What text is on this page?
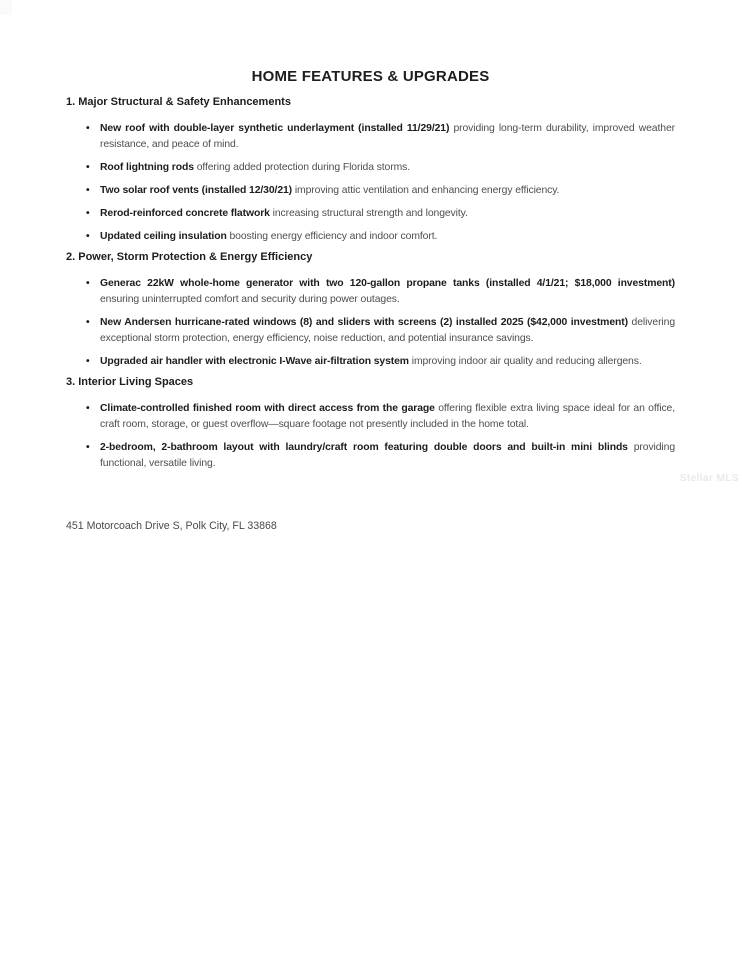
HOME FEATURES & UPGRADES
1. Major Structural & Safety Enhancements
• New roof with double-layer synthetic underlayment (installed 11/29/21) providing long-term durability, improved weather resistance, and peace of mind.
• Roof lightning rods offering added protection during Florida storms.
• Two solar roof vents (installed 12/30/21) improving attic ventilation and enhancing energy efficiency.
• Rerod-reinforced concrete flatwork increasing structural strength and longevity.
• Updated ceiling insulation boosting energy efficiency and indoor comfort.
2. Power, Storm Protection & Energy Efficiency
• Generac 22kW whole-home generator with two 120-gallon propane tanks (installed 4/1/21; $18,000 investment) ensuring uninterrupted comfort and security during power outages.
• New Andersen hurricane-rated windows (8) and sliders with screens (2) installed 2025 ($42,000 investment) delivering exceptional storm protection, energy efficiency, noise reduction, and potential insurance savings.
• Upgraded air handler with electronic I-Wave air-filtration system improving indoor air quality and reducing allergens.
3. Interior Living Spaces
• Climate-controlled finished room with direct access from the garage offering flexible extra living space ideal for an office, craft room, storage, or guest overflow—square footage not presently included in the home total.
• 2-bedroom, 2-bathroom layout with laundry/craft room featuring double doors and built-in mini blinds providing functional, versatile living.
451 Motorcoach Drive S, Polk City, FL 33868
Stellar MLS
